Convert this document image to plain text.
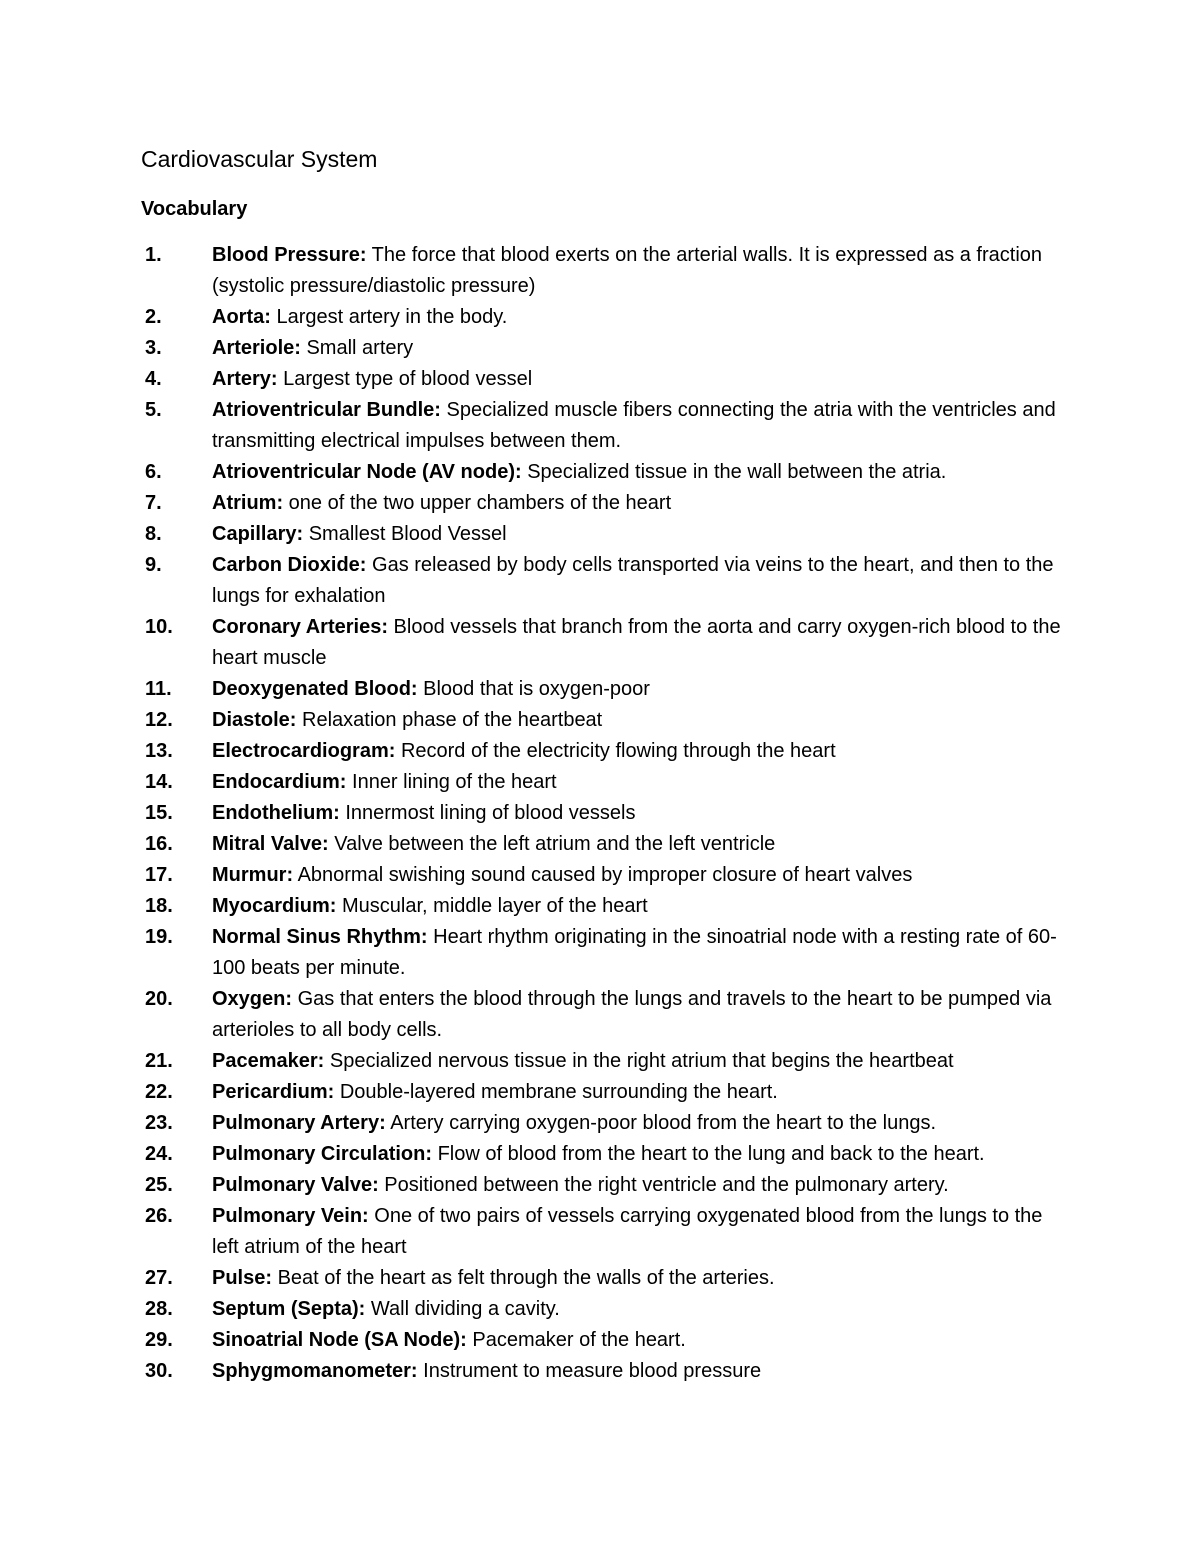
Cardiovascular System
Vocabulary
1.	Blood Pressure: The force that blood exerts on the arterial walls. It is expressed as a fraction (systolic pressure/diastolic pressure)
2.	Aorta: Largest artery in the body.
3.	Arteriole: Small artery
4.	Artery: Largest type of blood vessel
5.	Atrioventricular Bundle: Specialized muscle fibers connecting the atria with the ventricles and transmitting electrical impulses between them.
6.	Atrioventricular Node (AV node): Specialized tissue in the wall between the atria.
7.	Atrium: one of the two upper chambers of the heart
8.	Capillary: Smallest Blood Vessel
9.	Carbon Dioxide: Gas released by body cells transported via veins to the heart, and then to the lungs for exhalation
10.	Coronary Arteries: Blood vessels that branch from the aorta and carry oxygen-rich blood to the heart muscle
11.	Deoxygenated Blood: Blood that is oxygen-poor
12.	Diastole: Relaxation phase of the heartbeat
13.	Electrocardiogram: Record of the electricity flowing through the heart
14.	Endocardium: Inner lining of the heart
15.	Endothelium: Innermost lining of blood vessels
16.	Mitral Valve: Valve between the left atrium and the left ventricle
17.	Murmur: Abnormal swishing sound caused by improper closure of heart valves
18.	Myocardium: Muscular, middle layer of the heart
19.	Normal Sinus Rhythm: Heart rhythm originating in the sinoatrial node with a resting rate of 60-100 beats per minute.
20.	Oxygen: Gas that enters the blood through the lungs and travels to the heart to be pumped via arterioles to all body cells.
21.	Pacemaker: Specialized nervous tissue in the right atrium that begins the heartbeat
22.	Pericardium: Double-layered membrane surrounding the heart.
23.	Pulmonary Artery: Artery carrying oxygen-poor blood from the heart to the lungs.
24.	Pulmonary Circulation: Flow of blood from the heart to the lung and back to the heart.
25.	Pulmonary Valve: Positioned between the right ventricle and the pulmonary artery.
26.	Pulmonary Vein: One of two pairs of vessels carrying oxygenated blood from the lungs to the left atrium of the heart
27.	Pulse: Beat of the heart as felt through the walls of the arteries.
28.	Septum (Septa): Wall dividing a cavity.
29.	Sinoatrial Node (SA Node): Pacemaker of the heart.
30.	Sphygmomanometer: Instrument to measure blood pressure
